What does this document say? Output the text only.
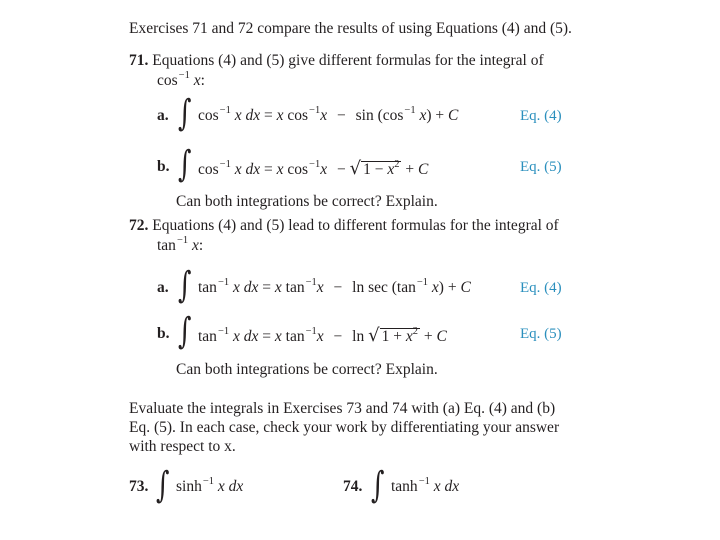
Exercises 71 and 72 compare the results of using Equations (4) and (5).
71. Equations (4) and (5) give different formulas for the integral of
$\cos^{-1} x$:
a. ∫ $\cos^{-1} x$ dx = x $\cos^{-1}x - \sin (\cos^{-1}$ x) + C	Eq. (4)
b. ∫ $\cos^{-1} x$ dx = x $\cos^{-1}x$ − √ $1 - x^2 + C$	Eq. (5)
Can both integrations be correct? Explain.
72. Equations (4) and (5) lead to different formulas for the integral of
$\tan^{-1} x$:
a. ∫ $\tan^{-1} x$ dx = x $\tan^{-1}x - \ln \sec (\tan^{-1}$ x) + C	Eq. (4)
b. ∫ $\tan^{-1} x$ dx = x $\tan^{-1}x - \ln$ √ $1 + x^2 + C$	Eq. (5)
Can both integrations be correct? Explain.
Evaluate the integrals in Exercises 73 and 74 with (a) Eq. (4) and (b)
Eq. (5). In each case, check your work by differentiating your answer
with respect to x.
73. ∫ $\sinh^{-1} x$ dx	74. ∫ $\tanh^{-1} x$ dx
